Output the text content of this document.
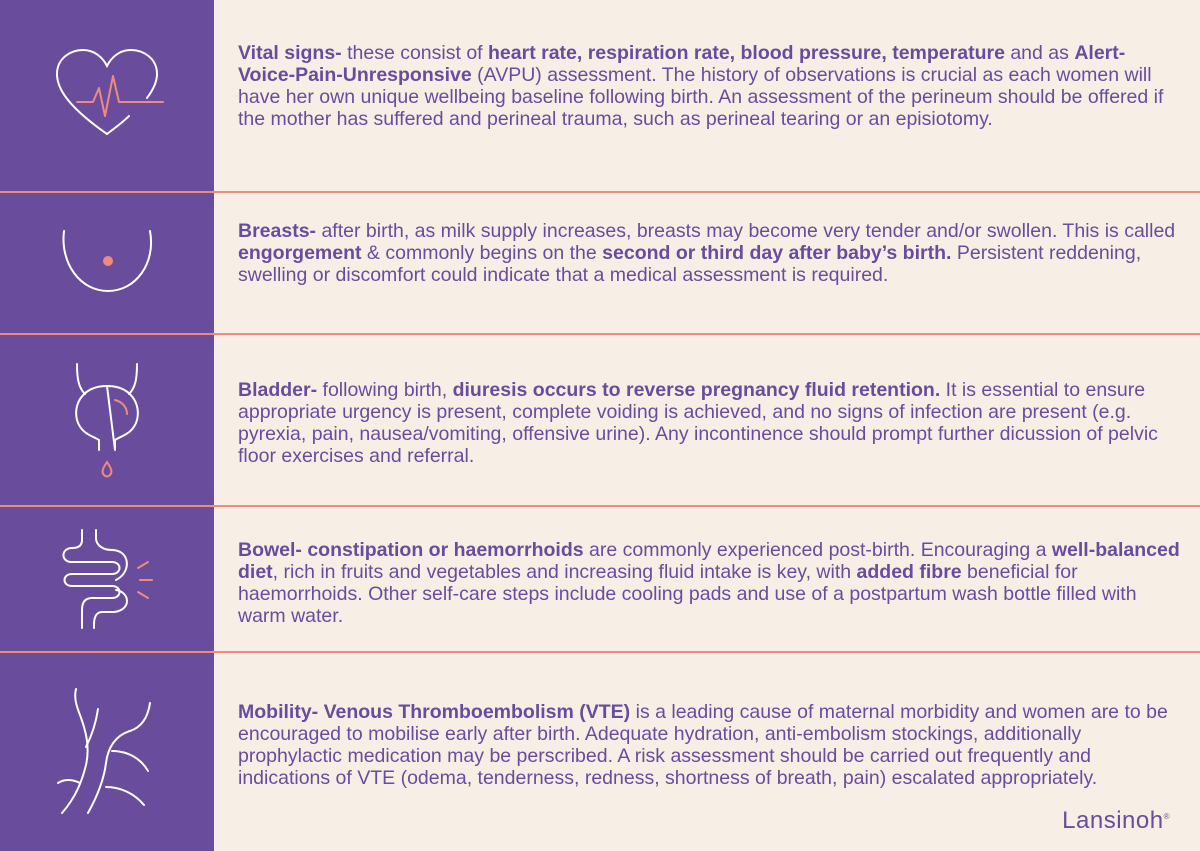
Vital signs- these consist of heart rate, respiration rate, blood pressure, temperature and as Alert-Voice-Pain-Unresponsive (AVPU) assessment. The history of observations is crucial as each women will have her own unique wellbeing baseline following birth. An assessment of the perineum should be offered if the mother has suffered and perineal trauma, such as perineal tearing or an episiotomy.
Breasts- after birth, as milk supply increases, breasts may become very tender and/or swollen. This is called engorgement & commonly begins on the second or third day after baby’s birth. Persistent reddening, swelling or discomfort could indicate that a medical assessment is required.
Bladder- following birth, diuresis occurs to reverse pregnancy fluid retention. It is essential to ensure appropriate urgency is present, complete voiding is achieved, and no signs of infection are present (e.g. pyrexia, pain, nausea/vomiting, offensive urine). Any incontinence should prompt further dicussion of pelvic floor exercises and referral.
Bowel- constipation or haemorrhoids are commonly experienced post-birth. Encouraging a well-balanced diet, rich in fruits and vegetables and increasing fluid intake is key, with added fibre beneficial for haemorrhoids. Other self-care steps include cooling pads and use of a postpartum wash bottle filled with warm water.
Mobility- Venous Thromboembolism (VTE) is a leading cause of maternal morbidity and women are to be encouraged to mobilise early after birth. Adequate hydration, anti-embolism stockings, additionally prophylactic medication may be perscribed. A risk assessment should be carried out frequently and indications of VTE (odema, tenderness, redness, shortness of breath, pain) escalated appropriately.
Lansinoh®
